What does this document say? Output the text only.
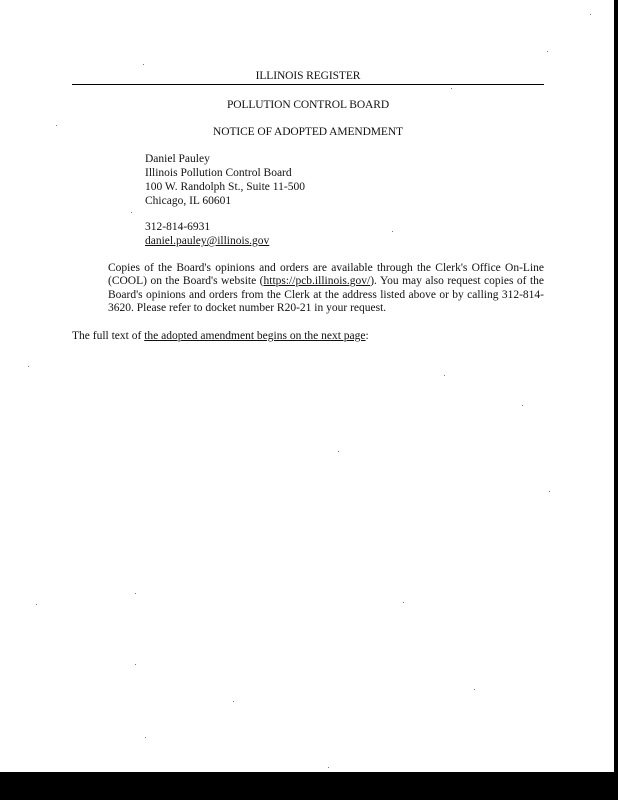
ILLINOIS REGISTER
POLLUTION CONTROL BOARD
NOTICE OF ADOPTED AMENDMENT
Daniel Pauley
Illinois Pollution Control Board
100 W. Randolph St., Suite 11-500
Chicago, IL 60601
312-814-6931
daniel.pauley@illinois.gov

Copies of the Board's opinions and orders are available through the Clerk's Office On-Line (COOL) on the Board's website (https://pcb.illinois.gov/). You may also request copies of the Board's opinions and orders from the Clerk at the address listed above or by calling 312-814-3620. Please refer to docket number R20-21 in your request.

The full text of the adopted amendment begins on the next page:
